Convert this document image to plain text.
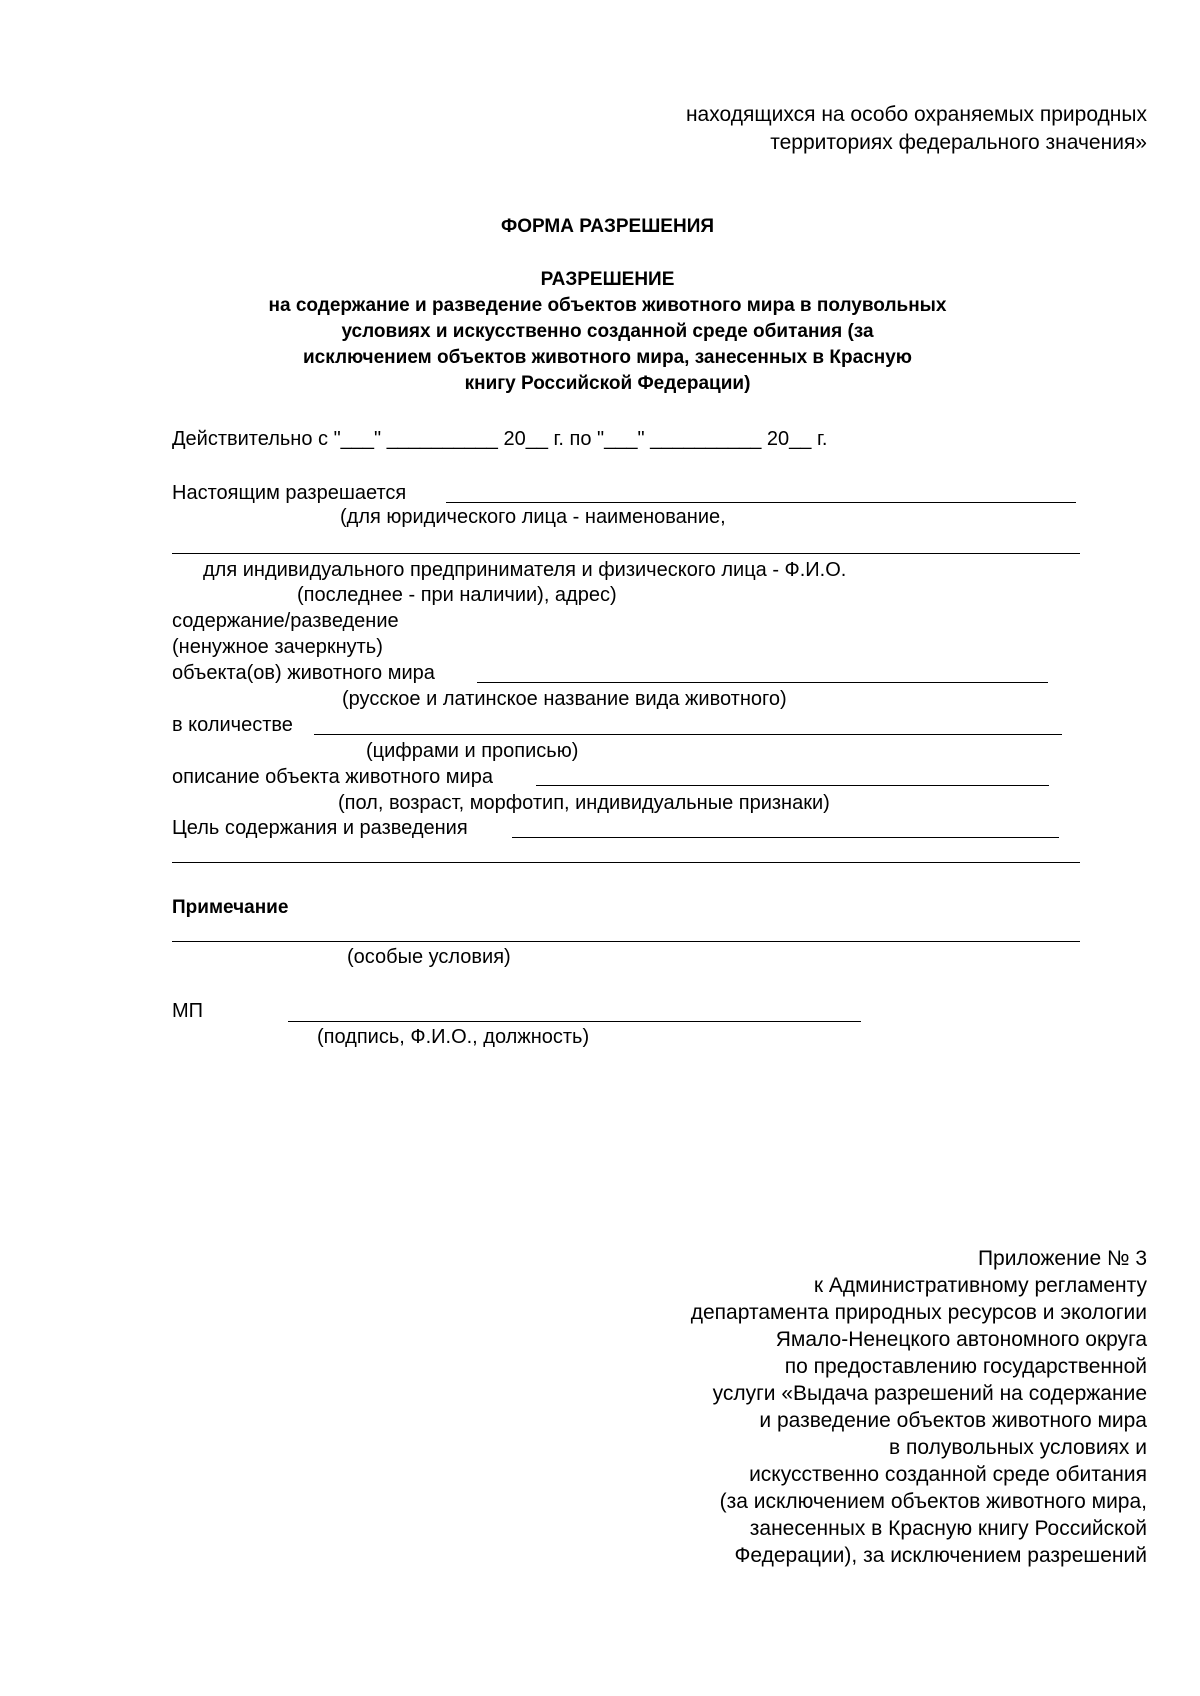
находящихся на особо охраняемых природных
территориях федерального значения»
ФОРМА РАЗРЕШЕНИЯ
РАЗРЕШЕНИЕ
на содержание и разведение объектов животного мира в полувольных
условиях и искусственно созданной среде обитания (за
исключением объектов животного мира, занесенных в Красную
книгу Российской Федерации)
Действительно с "___" __________ 20__ г. по "___" __________ 20__ г.
Настоящим разрешается
(для юридического лица - наименование,
для индивидуального предпринимателя и физического лица - Ф.И.О.
(последнее - при наличии), адрес)
содержание/разведение
(ненужное зачеркнуть)
объекта(ов) животного мира
(русское и латинское название вида животного)
в количестве
(цифрами и прописью)
описание объекта животного мира
(пол, возраст, морфотип, индивидуальные признаки)
Цель содержания и разведения
Примечание
(особые условия)
МП
(подпись, Ф.И.О., должность)
Приложение № 3
к Административному регламенту
департамента природных ресурсов и экологии
Ямало-Ненецкого автономного округа
по предоставлению государственной
услуги «Выдача разрешений на содержание
и разведение объектов животного мира
в полувольных условиях и
искусственно созданной среде обитания
(за исключением объектов животного мира,
занесенных в Красную книгу Российской
Федерации), за исключением разрешений
